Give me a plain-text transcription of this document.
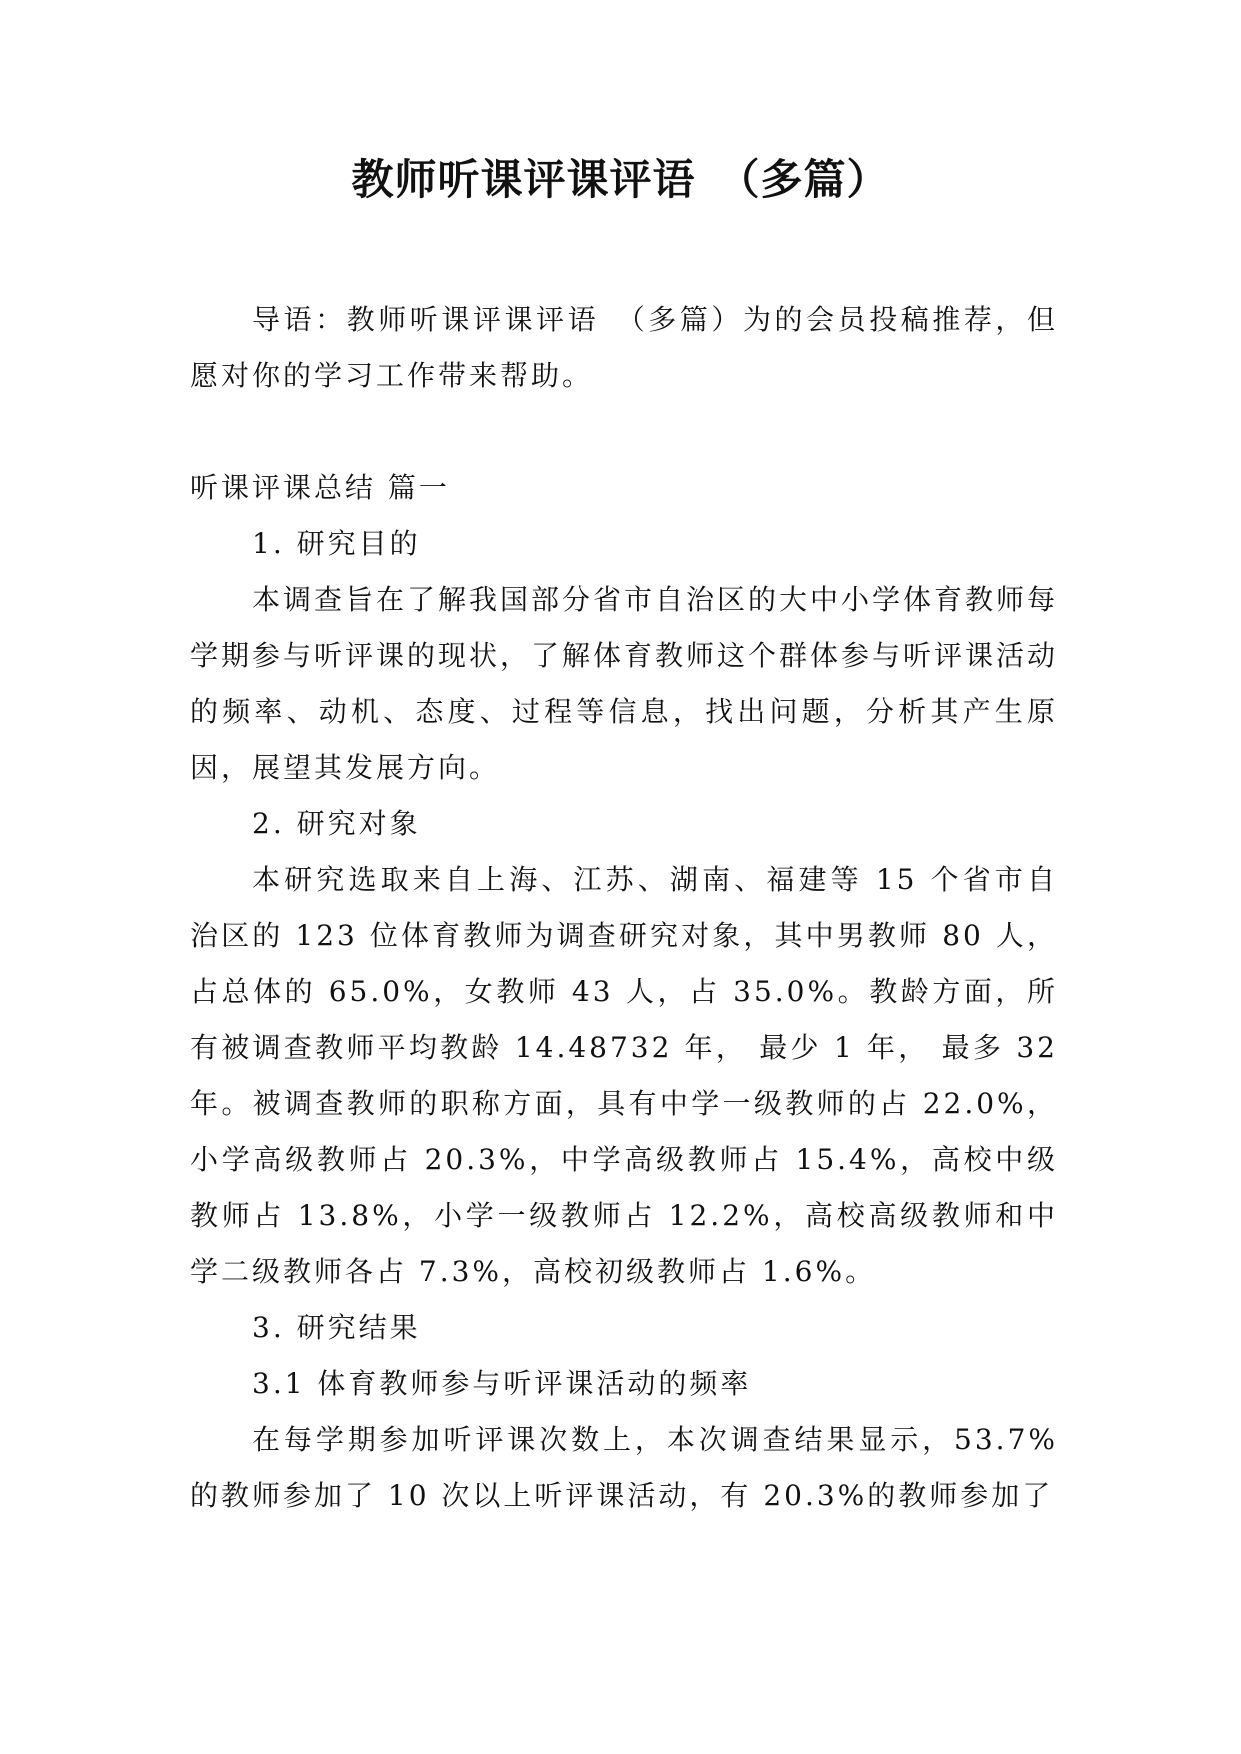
教师听课评课评语　（多篇）

导语：教师听课评课评语　（多篇）为的会员投稿推荐，但愿对你的学习工作带来帮助。

听课评课总结 篇一

1. 研究目的

本调查旨在了解我国部分省市自治区的大中小学体育教师每学期参与听评课的现状，了解体育教师这个群体参与听评课活动的频率、动机、态度、过程等信息，找出问题，分析其产生原因，展望其发展方向。

2. 研究对象

本研究选取来自上海、江苏、湖南、福建等 15 个省市自治区的 123 位体育教师为调查研究对象，其中男教师 80 人， 占总体的 65.0%，女教师 43 人，占 35.0%。教龄方面，所有被调查教师平均教龄 14.48732 年， 最少 1 年， 最多 32 年。被调查教师的职称方面，具有中学一级教师的占 22.0%，小学高级教师占 20.3%，中学高级教师占 15.4%，高校中级教师占 13.8%，小学一级教师占 12.2%，高校高级教师和中学二级教师各占 7.3%，高校初级教师占 1.6%。

3. 研究结果

3.1 体育教师参与听评课活动的频率

在每学期参加听评课次数上，本次调查结果显示，53.7%的教师参加了 10 次以上听评课活动，有 20.3%的教师参加了
